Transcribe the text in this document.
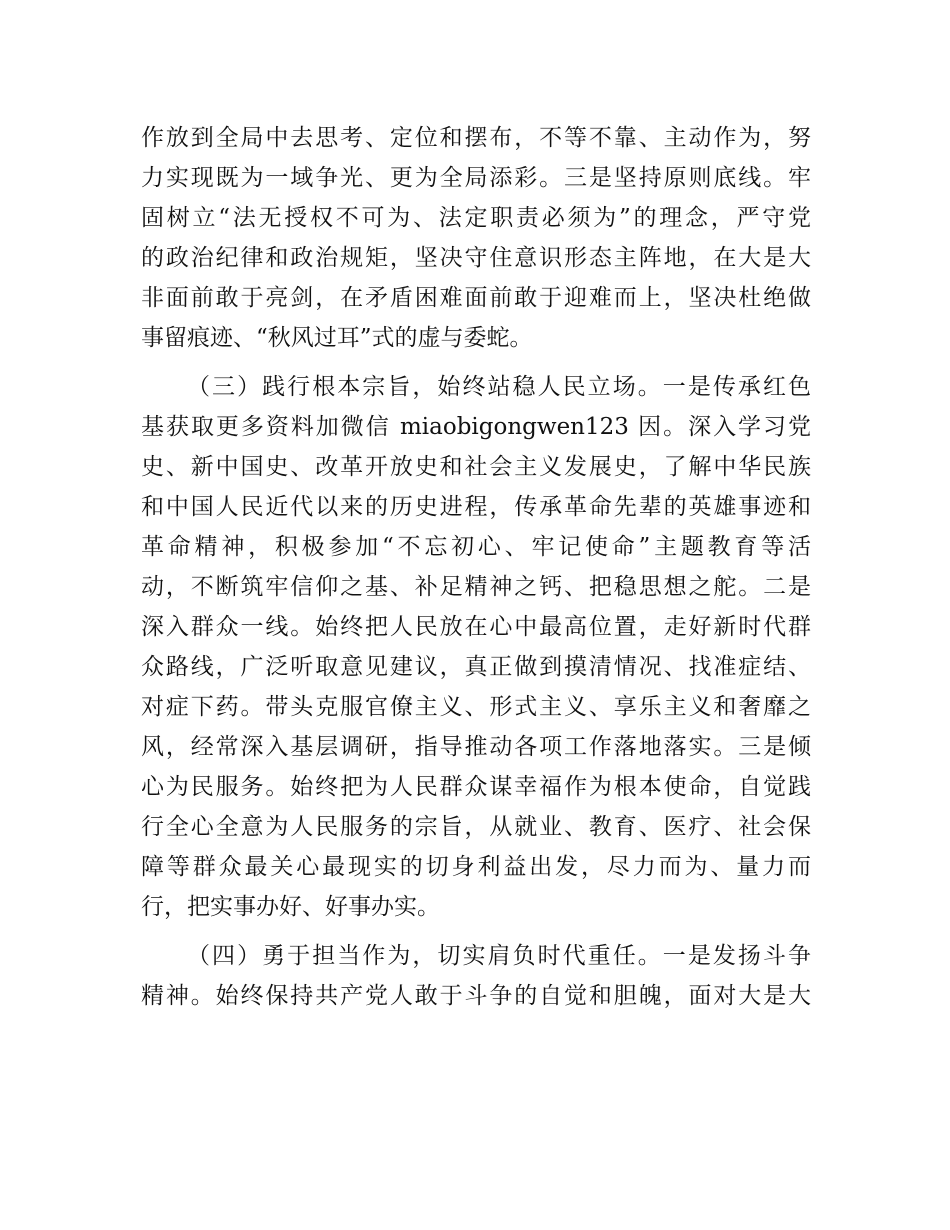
作放到全局中去思考、定位和摆布，不等不靠、主动作为，努
力实现既为一域争光、更为全局添彩。三是坚持原则底线。牢
固树立“法无授权不可为、法定职责必须为”的理念，严守党
的政治纪律和政治规矩，坚决守住意识形态主阵地，在大是大
非面前敢于亮剑，在矛盾困难面前敢于迎难而上，坚决杜绝做
事留痕迹、“秋风过耳”式的虚与委蛇。
（三）践行根本宗旨，始终站稳人民立场。一是传承红色
基获取更多资料加微信 miaobigongwen123 因。深入学习党
史、新中国史、改革开放史和社会主义发展史，了解中华民族
和中国人民近代以来的历史进程，传承革命先辈的英雄事迹和
革命精神，积极参加“不忘初心、牢记使命”主题教育等活
动，不断筑牢信仰之基、补足精神之钙、把稳思想之舵。二是
深入群众一线。始终把人民放在心中最高位置，走好新时代群
众路线，广泛听取意见建议，真正做到摸清情况、找准症结、
对症下药。带头克服官僚主义、形式主义、享乐主义和奢靡之
风，经常深入基层调研，指导推动各项工作落地落实。三是倾
心为民服务。始终把为人民群众谋幸福作为根本使命，自觉践
行全心全意为人民服务的宗旨，从就业、教育、医疗、社会保
障等群众最关心最现实的切身利益出发，尽力而为、量力而
行，把实事办好、好事办实。
（四）勇于担当作为，切实肩负时代重任。一是发扬斗争
精神。始终保持共产党人敢于斗争的自觉和胆魄，面对大是大
